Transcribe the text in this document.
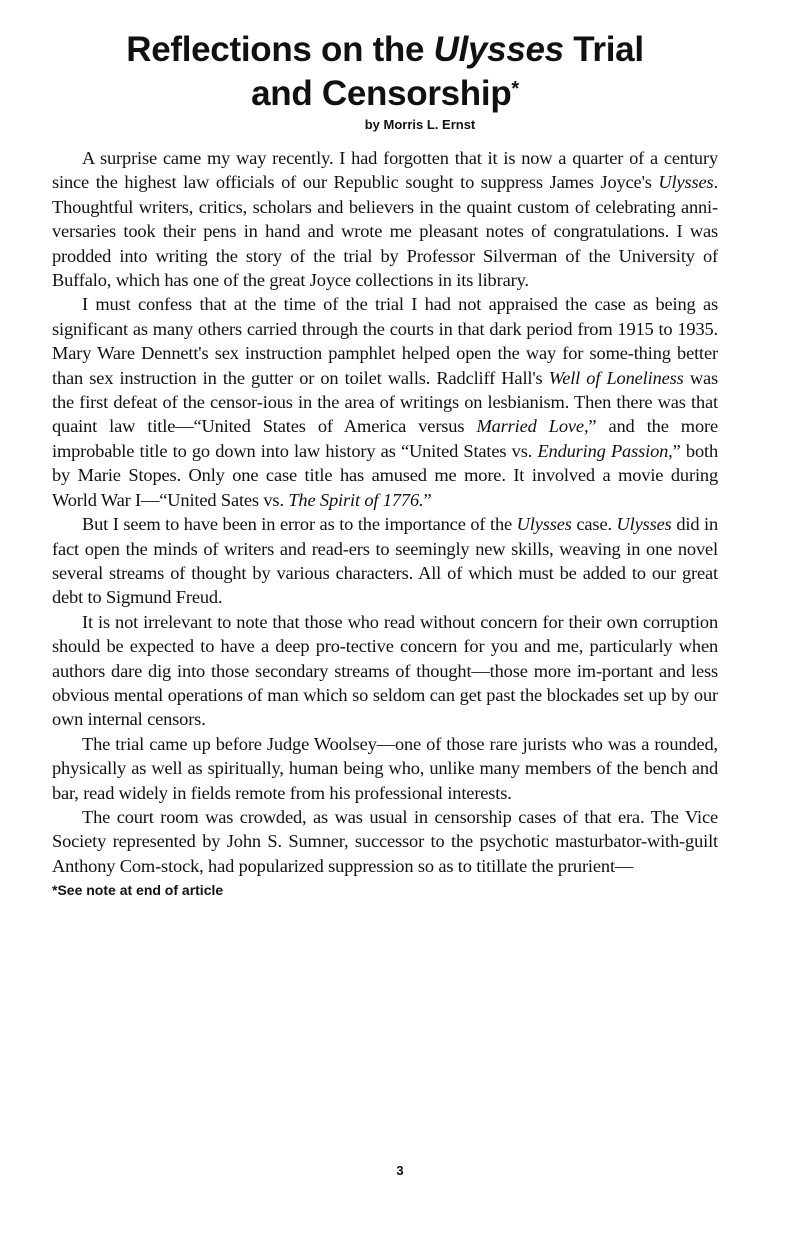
Reflections on the Ulysses Trial
and Censorship*
by Morris L. Ernst

A surprise came my way recently. I had forgotten that it is now a quarter of a century since the highest law officials of our Republic sought to suppress James Joyce's Ulysses. Thoughtful writers, critics, scholars and believers in the quaint custom of celebrating anni-versaries took their pens in hand and wrote me pleasant notes of congratulations. I was prodded into writing the story of the trial by Professor Silverman of the University of Buffalo, which has one of the great Joyce collections in its library.

I must confess that at the time of the trial I had not appraised the case as being as significant as many others carried through the courts in that dark period from 1915 to 1935. Mary Ware Dennett's sex instruction pamphlet helped open the way for some-thing better than sex instruction in the gutter or on toilet walls. Radcliff Hall's Well of Loneliness was the first defeat of the censor-ious in the area of writings on lesbianism. Then there was that quaint law title—“United States of America versus Married Love,” and the more improbable title to go down into law history as “United States vs. Enduring Passion,” both by Marie Stopes. Only one case title has amused me more. It involved a movie during World War I—“United Sates vs. The Spirit of 1776.”

But I seem to have been in error as to the importance of the Ulysses case. Ulysses did in fact open the minds of writers and read-ers to seemingly new skills, weaving in one novel several streams of thought by various characters. All of which must be added to our great debt to Sigmund Freud.

It is not irrelevant to note that those who read without concern for their own corruption should be expected to have a deep pro-tective concern for you and me, particularly when authors dare dig into those secondary streams of thought—those more im-portant and less obvious mental operations of man which so seldom can get past the blockades set up by our own internal censors.

The trial came up before Judge Woolsey—one of those rare jurists who was a rounded, physically as well as spiritually, human being who, unlike many members of the bench and bar, read widely in fields remote from his professional interests.

The court room was crowded, as was usual in censorship cases of that era. The Vice Society represented by John S. Sumner, successor to the psychotic masturbator-with-guilt Anthony Com-stock, had popularized suppression so as to titillate the prurient—

*See note at end of article
3
